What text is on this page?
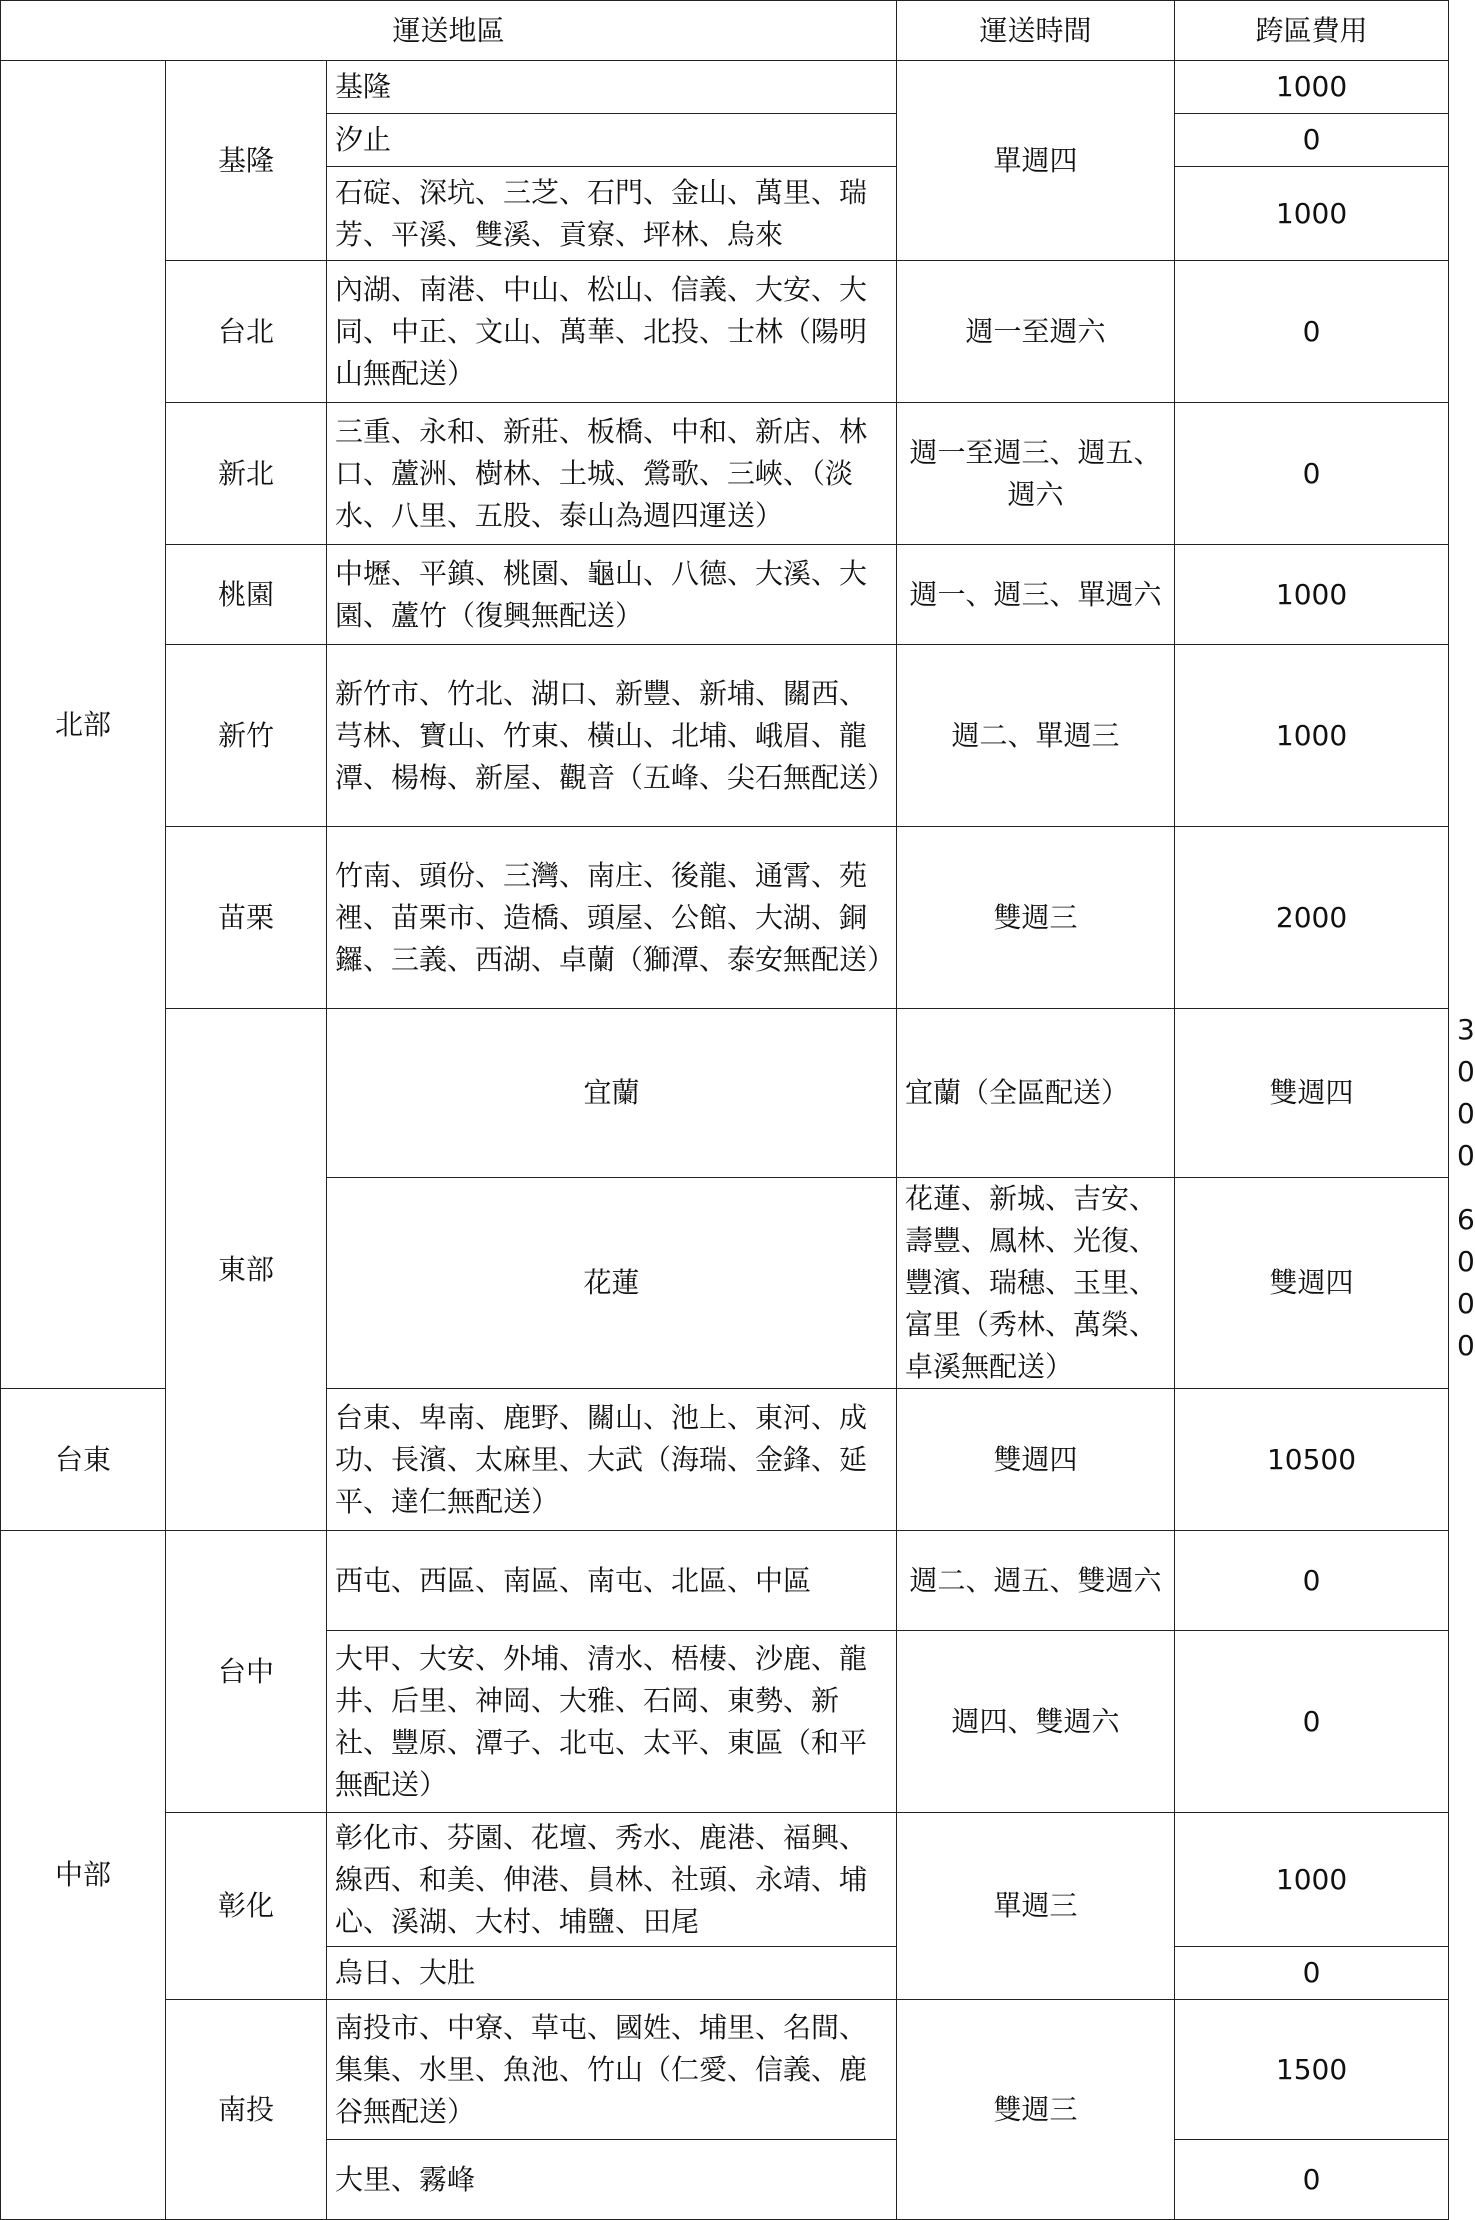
運送地區			運送時間	跨區費用	
北部	基隆	基隆	單週四	1000	
		汐止		0	
		石碇、深坑、三芝、石門、金山、萬里、瑞芳、平溪、雙溪、貢寮、坪林、烏來		1000	
	台北	內湖、南港、中山、松山、信義、大安、大同、中正、文山、萬華、北投、士林（陽明山無配送）	週一至週六	0	
	新北	三重、永和、新莊、板橋、中和、新店、林口、蘆洲、樹林、土城、鶯歌、三峽、（淡水、八里、五股、泰山為週四運送）	週一至週三、週五、週六	0	
	桃園	中壢、平鎮、桃園、龜山、八德、大溪、大園、蘆竹（復興無配送）	週一、週三、單週六	1000	
	新竹	新竹市、竹北、湖口、新豐、新埔、關西、芎林、寶山、竹東、橫山、北埔、峨眉、龍潭、楊梅、新屋、觀音（五峰、尖石無配送）	週二、單週三	1000	
	苗栗	竹南、頭份、三灣、南庄、後龍、通霄、苑裡、苗栗市、造橋、頭屋、公館、大湖、銅鑼、三義、西湖、卓蘭（獅潭、泰安無配送）	雙週三	2000	
	東部	宜蘭	宜蘭（全區配送）	雙週四	3000
		花蓮	花蓮、新城、吉安、壽豐、鳳林、光復、豐濱、瑞穗、玉里、富里（秀林、萬榮、卓溪無配送）	雙週四	6000
台東		台東、卑南、鹿野、關山、池上、東河、成功、長濱、太麻里、大武（海瑞、金鋒、延平、達仁無配送）	雙週四	10500	
中部	台中	西屯、西區、南區、南屯、北區、中區	週二、週五、雙週六	0	
		大甲、大安、外埔、清水、梧棲、沙鹿、龍井、后里、神岡、大雅、石岡、東勢、新社、豐原、潭子、北屯、太平、東區（和平無配送）	週四、雙週六	0	
	彰化	彰化市、芬園、花壇、秀水、鹿港、福興、線西、和美、伸港、員林、社頭、永靖、埔心、溪湖、大村、埔鹽、田尾	單週三	1000	
		烏日、大肚		0	
	南投	南投市、中寮、草屯、國姓、埔里、名間、集集、水里、魚池、竹山（仁愛、信義、鹿谷無配送）	雙週三	1500	
		大里、霧峰		0	
